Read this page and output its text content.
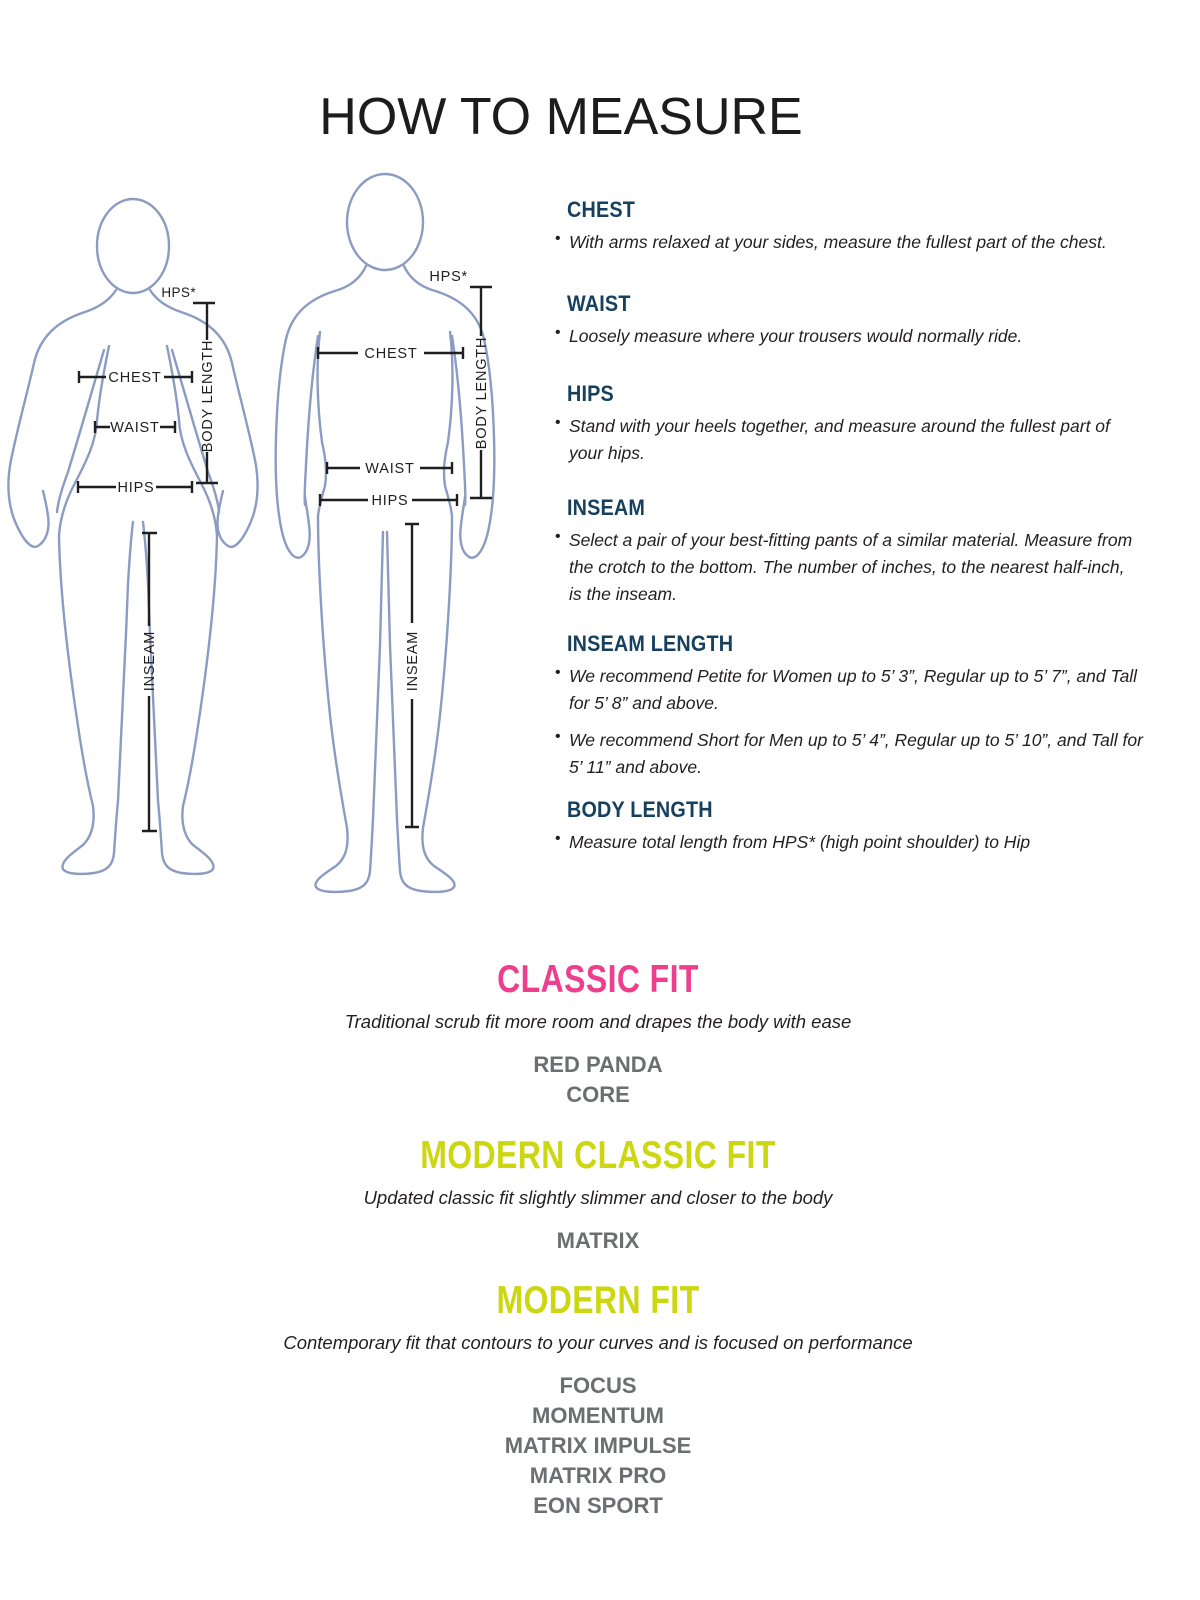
HOW TO MEASURE
HPS*
BODY LENGTH
CHEST
WAIST
HIPS
INSEAM
HPS*
BODY LENGTH
CHEST
WAIST
HIPS
INSEAM
CHEST
• With arms relaxed at your sides, measure the fullest part of the chest.
WAIST
• Loosely measure where your trousers would normally ride.
HIPS
• Stand with your heels together, and measure around the fullest part of
your hips.
INSEAM
• Select a pair of your best-fitting pants of a similar material. Measure from
the crotch to the bottom. The number of inches, to the nearest half-inch,
is the inseam.
INSEAM LENGTH
• We recommend Petite for Women up to 5’ 3”, Regular up to 5’ 7”, and Tall
for 5’ 8” and above.
• We recommend Short for Men up to 5’ 4”, Regular up to 5’ 10”, and Tall for
5’ 11” and above.
BODY LENGTH
• Measure total length from HPS* (high point shoulder) to Hip
CLASSIC FIT

Traditional scrub fit more room and drapes the body with ease

RED PANDA
CORE
MODERN CLASSIC FIT

Updated classic fit slightly slimmer and closer to the body

MATRIX
MODERN FIT

Contemporary fit that contours to your curves and is focused on performance

FOCUS
MOMENTUM
MATRIX IMPULSE
MATRIX PRO
EON SPORT
